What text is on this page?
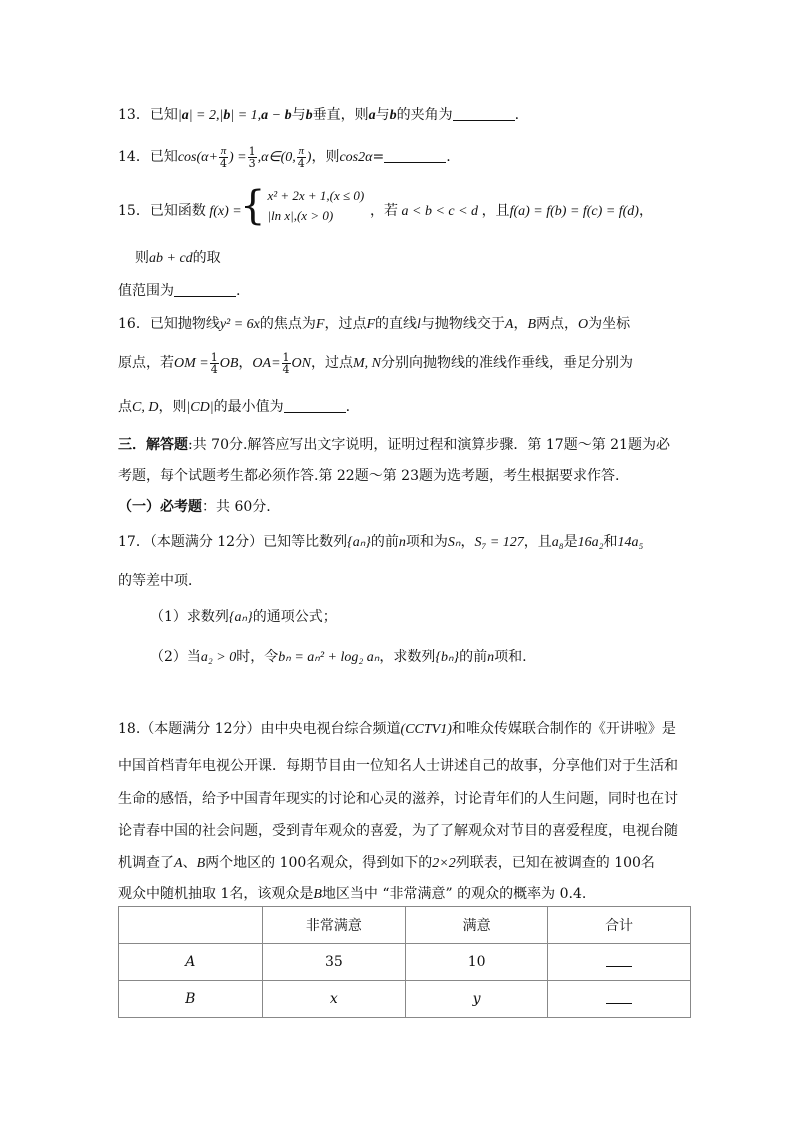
13．已知|a| = 2,|b| = 1,a − b与b垂直，则a与b的夹角为	.
14．已知$\cos(\alpha+ \frac{\pi}{4}$ ) = $\frac{1}{3}$ ,α∈(0, $\frac{\pi}{4}$ )，则cos2α=	.
15．已知函数 f(x) =
{ x² + 2x + 1,(x ≤ 0)
|ln x|,(x > 0)	，若 a < b < c < d ，且f(a) = f(b) = f(c) = f(d)，
则ab + cd的取
值范围为	.
16．已知抛物线y² = 6x的焦点为F，过点F的直线l与抛物线交于A，B两点，O为坐标
原点，若OM = $\frac{1}{4}$ OB，$OA= \frac{1}{4}$ ON，过点M, N分别向抛物线的准线作垂线，垂足分别为
点C, D，则|CD|的最小值为	.
三．解答题:共 70分.解答应写出文字说明，证明过程和演算步骤．第 17题～第 21题为必
考题，每个试题考生都必须作答.第 22题～第 23题为选考题，考生根据要求作答.
（一）必考题：共 60分.
17．（本题满分 12分）已知等比数列{aₙ}的前n项和为Sₙ，S₇ = 127，且a₈是16a₂和14a₅
的等差中项．
（1）求数列{aₙ}的通项公式；
（2）当a₂ > 0时，令bₙ = aₙ² + log₂ aₙ，求数列{bₙ}的前n项和.
18.（本题满分 12分）由中央电视台综合频道(CCTV1)和唯众传媒联合制作的《开讲啦》是
中国首档青年电视公开课．每期节目由一位知名人士讲述自己的故事，分享他们对于生活和
生命的感悟，给予中国青年现实的讨论和心灵的滋养，讨论青年们的人生问题，同时也在讨
论青春中国的社会问题，受到青年观众的喜爱，为了了解观众对节目的喜爱程度，电视台随
机调查了A、B两个地区的 100名观众，得到如下的2×2列联表，已知在被调查的 100名
观众中随机抽取 1名，该观众是B地区当中 “非常满意” 的观众的概率为 0.4.
	非常满意	满意	合计
A	35	10	
B	x	y	
